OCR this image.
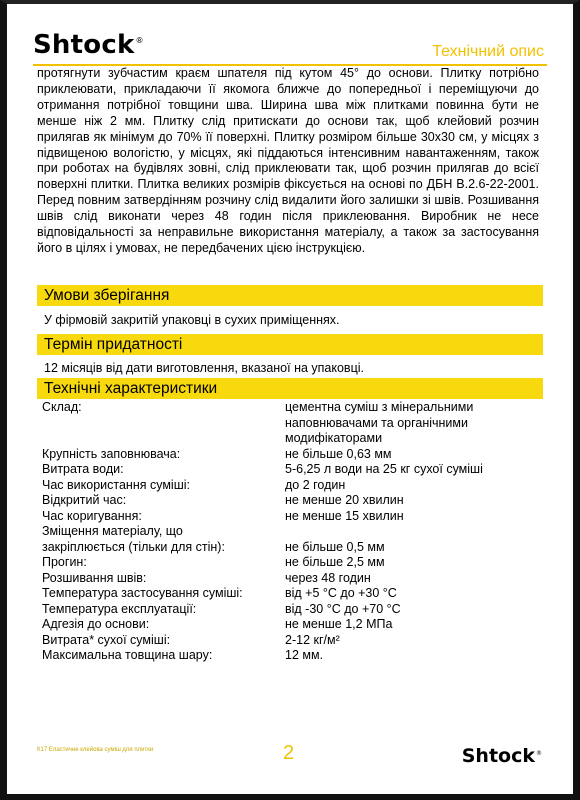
Shtock®
Технічний опис

протягнути зубчастим краєм шпателя під кутом 45° до основи. Плитку потрібно приклеювати, прикладаючи її якомога ближче до попередньої і переміщуючи до отримання потрібної товщини шва. Ширина шва між плитками повинна бути не менше ніж 2 мм. Плитку слід притискати до основи так, щоб клейовий розчин прилягав як мінімум до 70% її поверхні. Плитку розміром більше 30х30 см, у місцях з підвищеною вологістю, у місцях, які піддаються інтенсивним навантаженням, також при роботах на будівлях зовні, слід приклеювати так, щоб розчин прилягав до всієї поверхні плитки. Плитка великих розмірів фіксується на основі по ДБН В.2.6-22-2001. Перед повним затвердінням розчину слід видалити його залишки зі швів. Розшивання швів слід виконати через 48 годин після приклеювання. Виробник не несе відповідальності за неправильне використання матеріалу, а також за застосування його в цілях і умовах, не передбачених цією інструкцією.

Умови зберігання
У фірмовій закритій упаковці в сухих приміщеннях.
Термін придатності
12 місяців від дати виготовлення, вказаної на упаковці.
Технічні характеристики
Склад:	цементна суміш з мінеральними
наповнювачами та органічними
модифікаторами
Крупність заповнювача:	не більше 0,63 мм
Витрата води:	5-6,25 л води на 25 кг сухої суміші
Час використання суміші:	до 2 годин
Відкритий час:	не менше 20 хвилин
Час коригування:	не менше 15 хвилин
Зміщення матеріалу, що
закріплюється (тільки для стін):	не більше 0,5 мм
Прогин:	не більше 2,5 мм
Розшивання швів:	через 48 годин
Температура застосування суміші:	від +5 °С до +30 °С
Температура експлуатації:	від -30 °С до +70 °С
Адгезія до основи:	не менше 1,2 МПа
Витрата* сухої суміші:	2-12 кг/м²
Максимальна товщина шару:	12 мм.
К17 Еластичне клейова суміш для плитки	2	Shtock®
